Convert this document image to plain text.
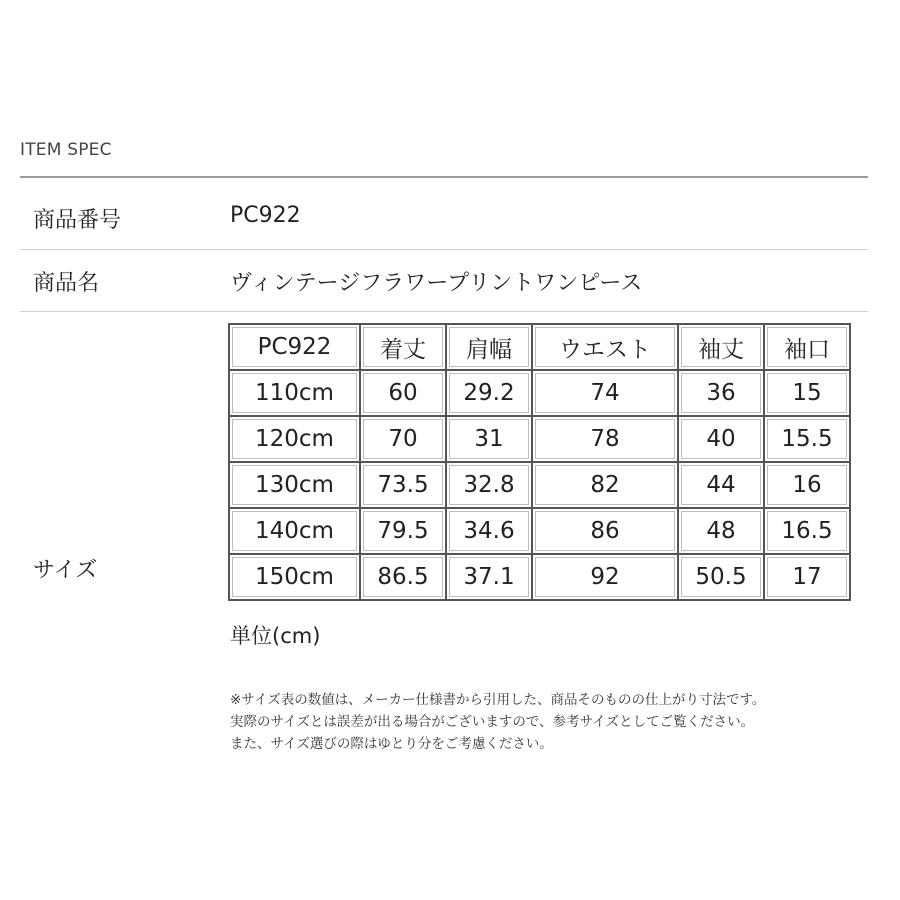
ITEM SPEC
商品番号	PC922
商品名	ヴィンテージフラワープリントワンピース
サイズ
PC922	着丈	肩幅	ウエスト	袖丈	袖口
110cm	60	29.2	74	36	15
120cm	70	31	78	40	15.5
130cm	73.5	32.8	82	44	16
140cm	79.5	34.6	86	48	16.5
150cm	86.5	37.1	92	50.5	17
単位(cm)
※サイズ表の数値は、メーカー仕様書から引用した、商品そのものの仕上がり寸法です。
実際のサイズとは誤差が出る場合がございますので、参考サイズとしてご覧ください。
また、サイズ選びの際はゆとり分をご考慮ください。
